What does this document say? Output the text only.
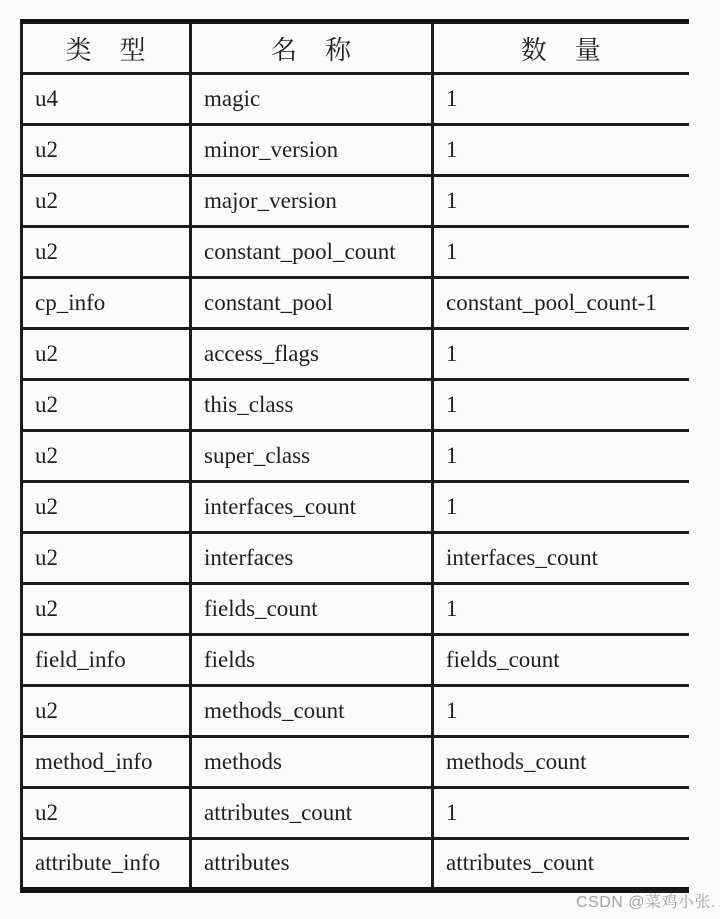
类　型	名　称	数　量
u4	magic	1
u2	minor_version	1
u2	major_version	1
u2	constant_pool_count	1
cp_info	constant_pool	constant_pool_count-1
u2	access_flags	1
u2	this_class	1
u2	super_class	1
u2	interfaces_count	1
u2	interfaces	interfaces_count
u2	fields_count	1
field_info	fields	fields_count
u2	methods_count	1
method_info	methods	methods_count
u2	attributes_count	1
attribute_info	attributes	attributes_count
CSDN @菜鸡小张.
